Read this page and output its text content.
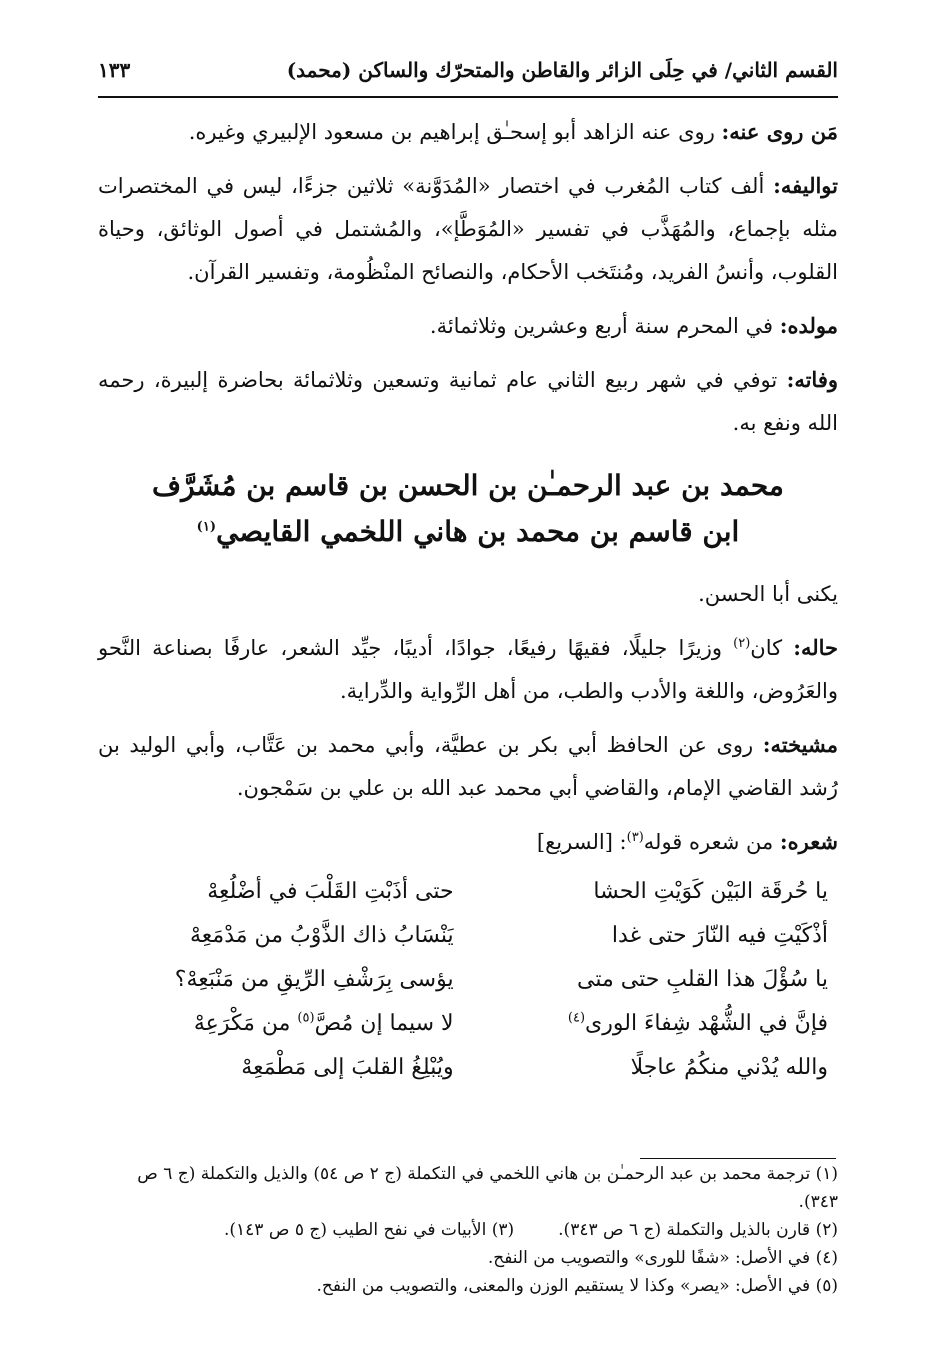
القسم الثاني/ في حِلَى الزائر والقاطن والمتحرّك والساكن (محمد)
١٣٣

مَن روى عنه: روى عنه الزاهد أبو إسحـٰق إبراهيم بن مسعود الإلبيري وغيره.

تواليفه: ألف كتاب المُغرب في اختصار «المُدَوَّنة» ثلاثين جزءًا، ليس في المختصرات مثله بإجماع، والمُهَذَّب في تفسير «المُوَطَّإ»، والمُشتمل في أصول الوثائق، وحياة القلوب، وأنسُ الفريد، ومُنتَخب الأحكام، والنصائح المنْظُومة، وتفسير القرآن.

مولده: في المحرم سنة أربع وعشرين وثلاثمائة.

وفاته: توفي في شهر ربيع الثاني عام ثمانية وتسعين وثلاثمائة بحاضرة إلبيرة، رحمه الله ونفع به.

محمد بن عبد الرحمـٰن بن الحسن بن قاسم بن مُشَرَّف
ابن قاسم بن محمد بن هاني اللخمي القايصي$^{(١)}$

يكنى أبا الحسن.

حاله: كان$^{(٢)}$ وزيرًا جليلًا، فقيهًا رفيعًا، جوادًا، أديبًا، جيِّد الشعر، عارفًا بصناعة النَّحو والعَرُوض، واللغة والأدب والطب، من أهل الرِّواية والدِّراية.

مشيخته: روى عن الحافظ أبي بكر بن عطيَّة، وأبي محمد بن عَتَّاب، وأبي الوليد بن رُشد القاضي الإمام، والقاضي أبي محمد عبد الله بن علي بن سَمْجون.

شعره: من شعره قوله$^{(٣)}$: [السريع]

يا حُرقَة البَيْن كَوَيْتِ الحشا
حتى أذَبْتِ القَلْبَ في أضْلُعِهْ
أذْكَيْتِ فيه النّارَ حتى غدا
يَنْسَابُ ذاك الذَّوْبُ من مَدْمَعِهْ
يا سُؤْلَ هذا القلبِ حتى متى
يؤسى بِرَشْفِ الرِّيقِ من مَنْبَعِهْ؟
فإنَّ في الشُّهْد شِفاءَ الورى$^{(٤)}$
لا سيما إن مُصَّ$^{(٥)}$ من مَكْرَعِهْ
والله يُدْني منكُمُ عاجلًا
ويُبْلِغُ القلبَ إلى مَطْمَعِهْ

(١) ترجمة محمد بن عبد الرحمـٰن بن هاني اللخمي في التكملة (ج ٢ ص ٥٤) والذيل والتكملة (ج ٦ ص ٣٤٣).

(٢) قارن بالذيل والتكملة (ج ٦ ص ٣٤٣).

(٣) الأبيات في نفح الطيب (ج ٥ ص ١٤٣).

(٤) في الأصل: «شفًا للورى» والتصويب من النفح.

(٥) في الأصل: «يصر» وكذا لا يستقيم الوزن والمعنى، والتصويب من النفح.
